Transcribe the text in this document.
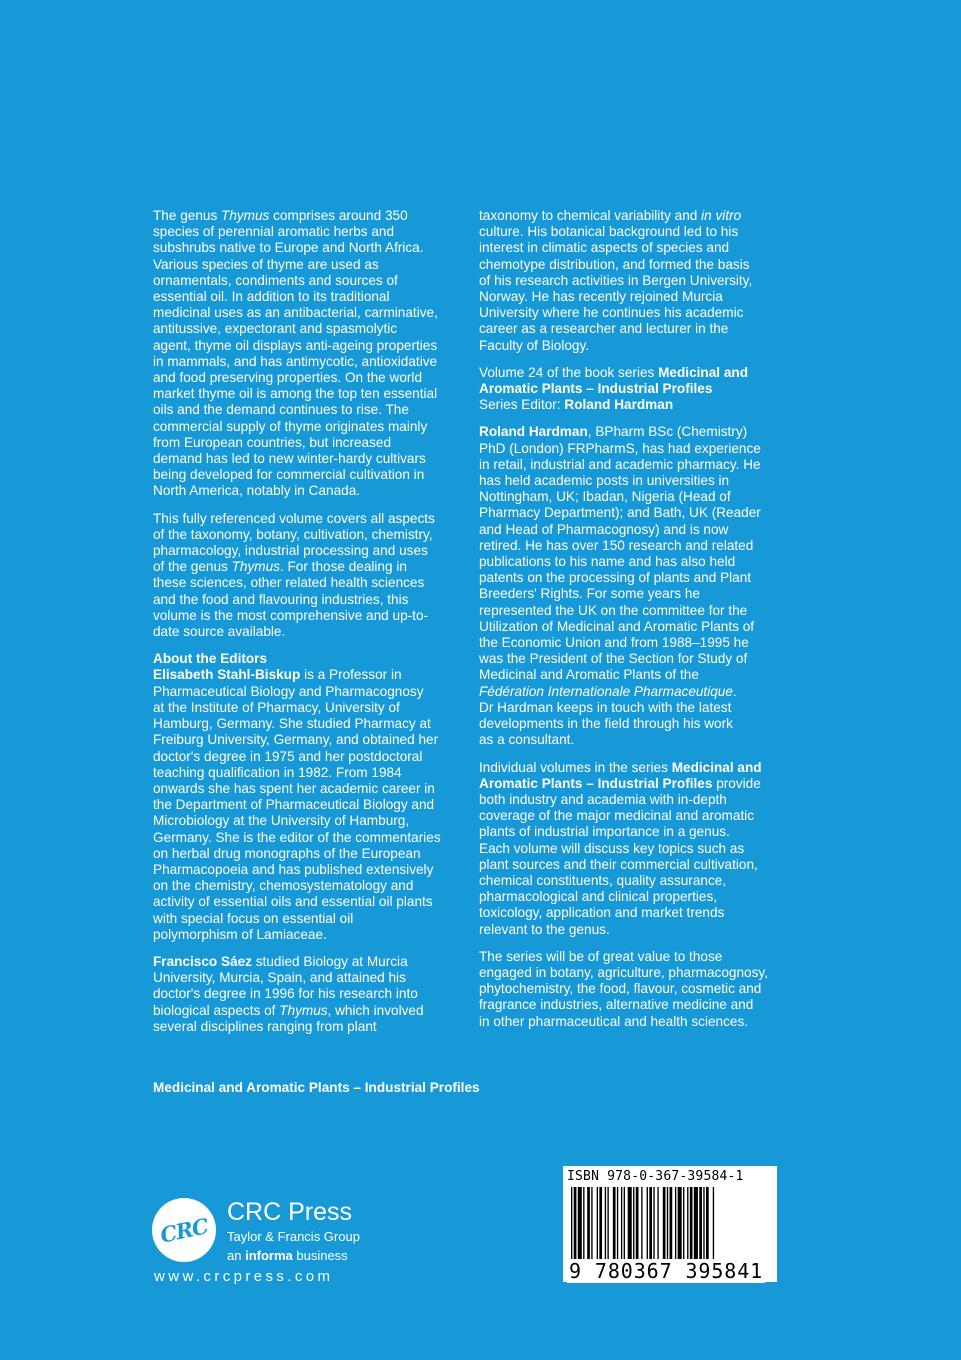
The genus Thymus comprises around 350
species of perennial aromatic herbs and
subshrubs native to Europe and North Africa.
Various species of thyme are used as
ornamentals, condiments and sources of
essential oil. In addition to its traditional
medicinal uses as an antibacterial, carminative,
antitussive, expectorant and spasmolytic
agent, thyme oil displays anti-ageing properties
in mammals, and has antimycotic, antioxidative
and food preserving properties. On the world
market thyme oil is among the top ten essential
oils and the demand continues to rise. The
commercial supply of thyme originates mainly
from European countries, but increased
demand has led to new winter-hardy cultivars
being developed for commercial cultivation in
North America, notably in Canada.

This fully referenced volume covers all aspects
of the taxonomy, botany, cultivation, chemistry,
pharmacology, industrial processing and uses
of the genus Thymus. For those dealing in
these sciences, other related health sciences
and the food and flavouring industries, this
volume is the most comprehensive and up-to-
date source available.

About the Editors
Elisabeth Stahl-Biskup is a Professor in
Pharmaceutical Biology and Pharmacognosy
at the Institute of Pharmacy, University of
Hamburg, Germany. She studied Pharmacy at
Freiburg University, Germany, and obtained her
doctor's degree in 1975 and her postdoctoral
teaching qualification in 1982. From 1984
onwards she has spent her academic career in
the Department of Pharmaceutical Biology and
Microbiology at the University of Hamburg,
Germany. She is the editor of the commentaries
on herbal drug monographs of the European
Pharmacopoeia and has published extensively
on the chemistry, chemosystematology and
activity of essential oils and essential oil plants
with special focus on essential oil
polymorphism of Lamiaceae.

Francisco Sáez studied Biology at Murcia
University, Murcia, Spain, and attained his
doctor's degree in 1996 for his research into
biological aspects of Thymus, which involved
several disciplines ranging from plant

taxonomy to chemical variability and in vitro
culture. His botanical background led to his
interest in climatic aspects of species and
chemotype distribution, and formed the basis
of his research activities in Bergen University,
Norway. He has recently rejoined Murcia
University where he continues his academic
career as a researcher and lecturer in the
Faculty of Biology.

Volume 24 of the book series Medicinal and
Aromatic Plants – Industrial Profiles
Series Editor: Roland Hardman

Roland Hardman, BPharm BSc (Chemistry)
PhD (London) FRPharmS, has had experience
in retail, industrial and academic pharmacy. He
has held academic posts in universities in
Nottingham, UK; Ibadan, Nigeria (Head of
Pharmacy Department); and Bath, UK (Reader
and Head of Pharmacognosy) and is now
retired. He has over 150 research and related
publications to his name and has also held
patents on the processing of plants and Plant
Breeders' Rights. For some years he
represented the UK on the committee for the
Utilization of Medicinal and Aromatic Plants of
the Economic Union and from 1988–1995 he
was the President of the Section for Study of
Medicinal and Aromatic Plants of the
Fédération Internationale Pharmaceutique.
Dr Hardman keeps in touch with the latest
developments in the field through his work
as a consultant.

Individual volumes in the series Medicinal and
Aromatic Plants – Industrial Profiles provide
both industry and academia with in-depth
coverage of the major medicinal and aromatic
plants of industrial importance in a genus.
Each volume will discuss key topics such as
plant sources and their commercial cultivation,
chemical constituents, quality assurance,
pharmacological and clinical properties,
toxicology, application and market trends
relevant to the genus.

The series will be of great value to those
engaged in botany, agriculture, pharmacognosy,
phytochemistry, the food, flavour, cosmetic and
fragrance industries, alternative medicine and
in other pharmaceutical and health sciences.

Medicinal and Aromatic Plants – Industrial Profiles
CRC
CRC Press
Taylor & Francis Group
an informa business
www.crcpress.com
ISBN 978-0-367-39584-1
9 780367 395841
